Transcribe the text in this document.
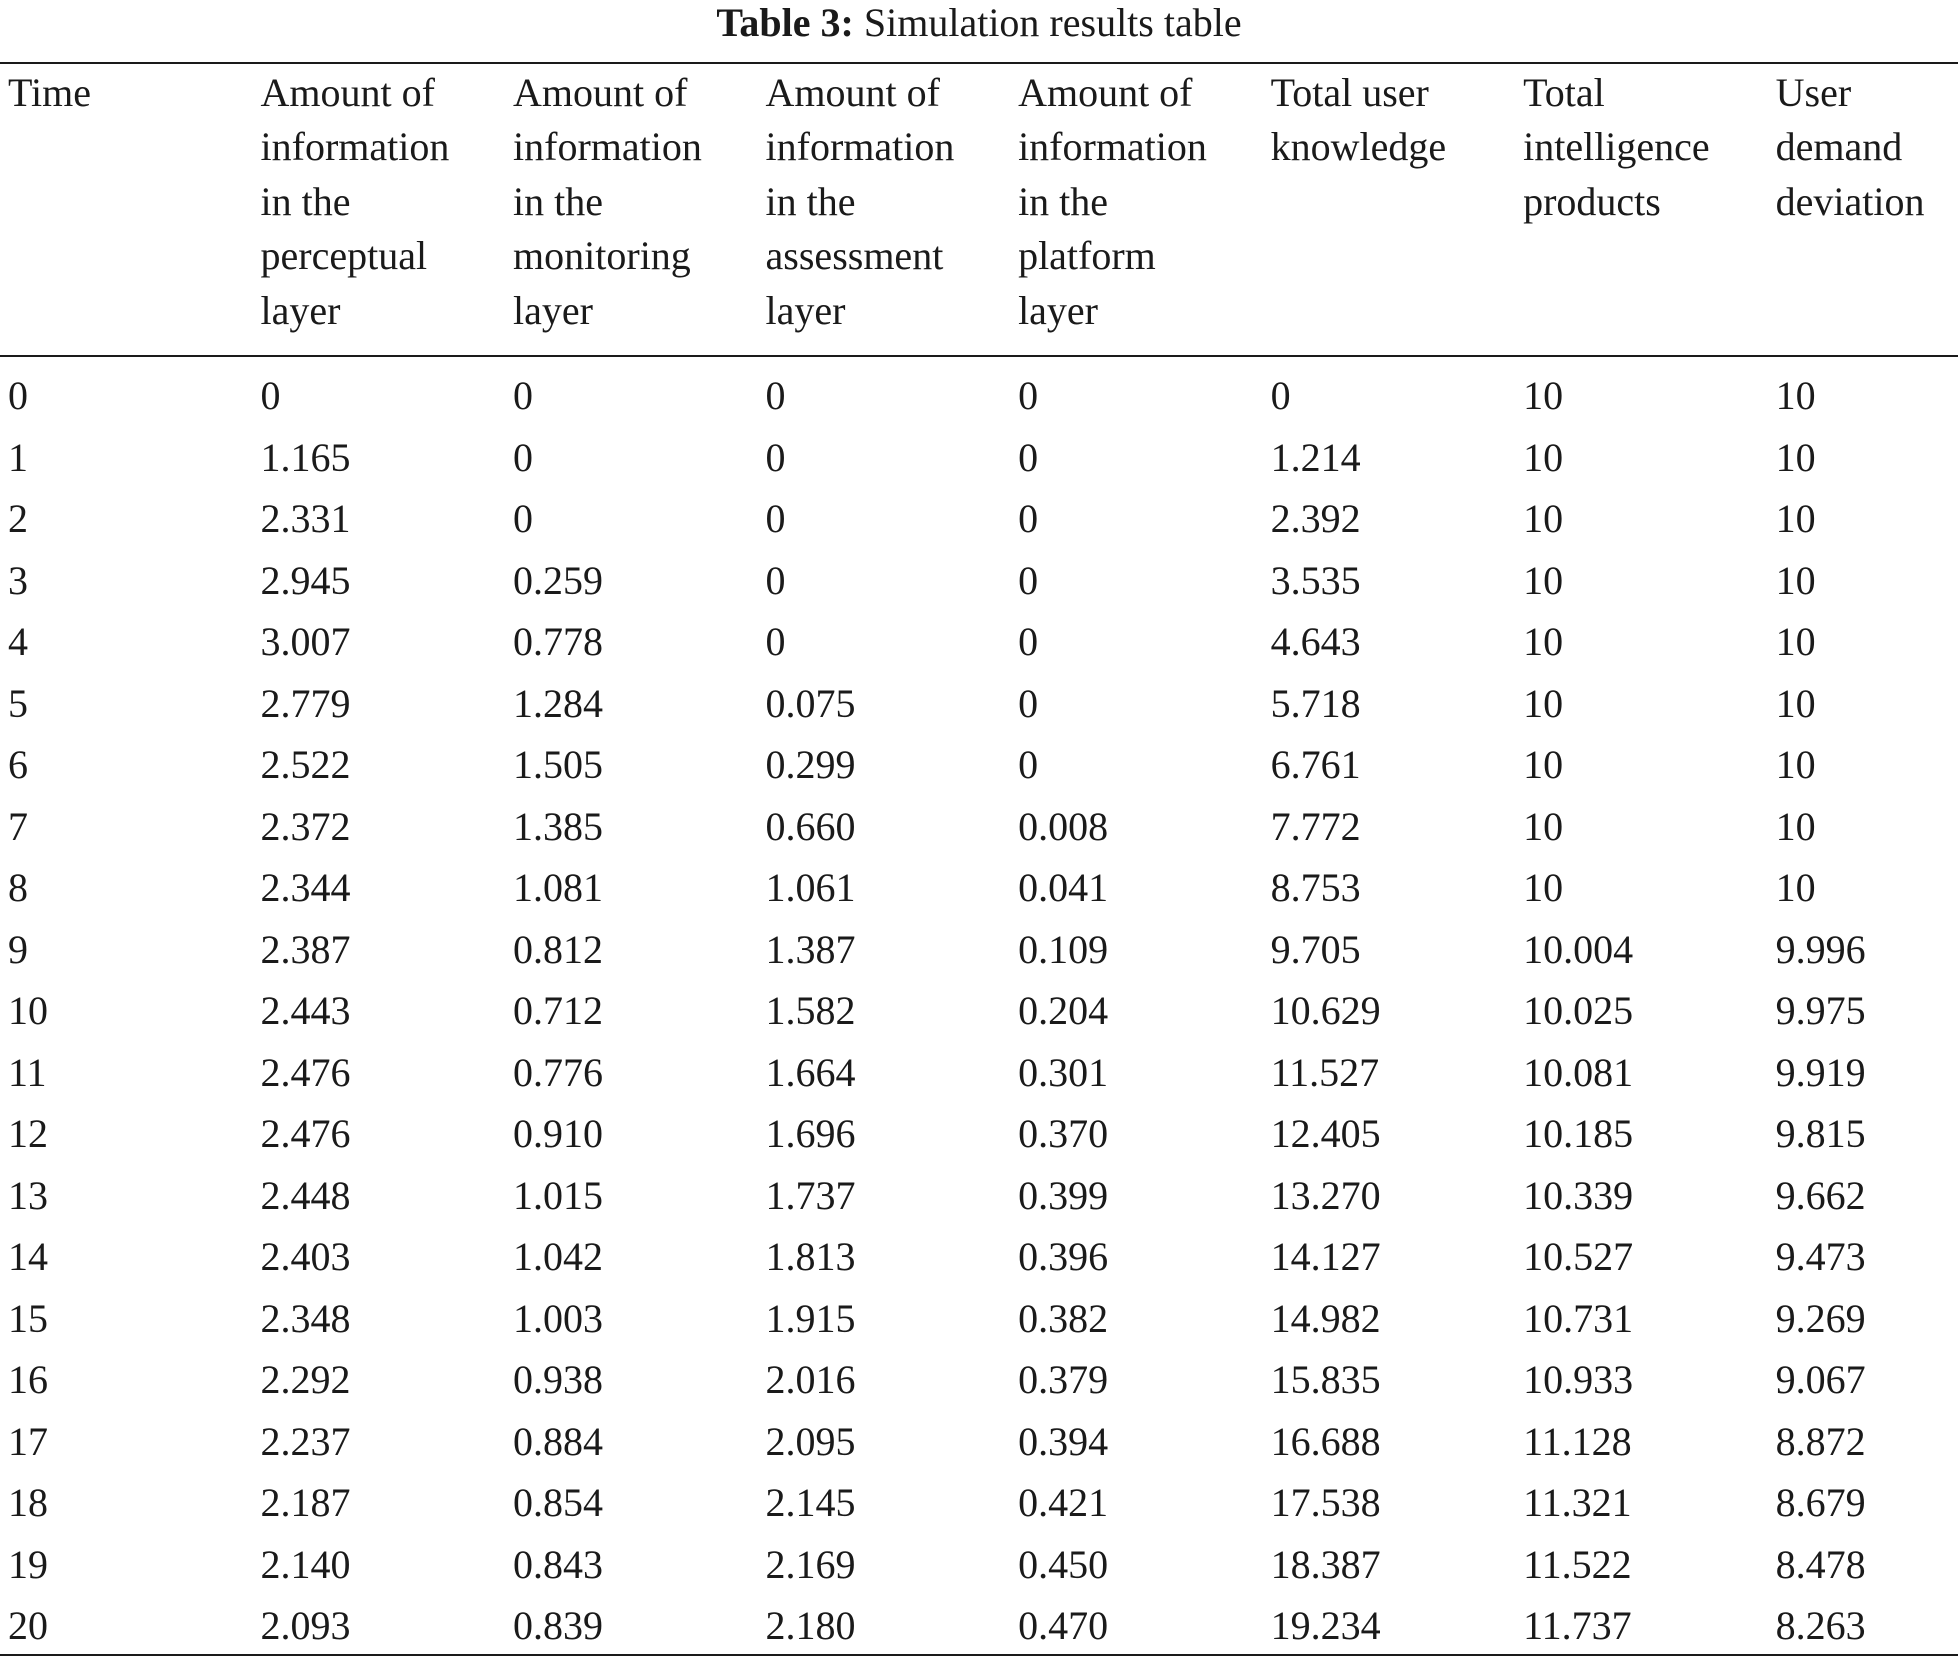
Table 3: Simulation results table
Time	Amount of
information
in the
perceptual
layer	Amount of
information
in the
monitoring
layer	Amount of
information
in the
assessment
layer	Amount of
information
in the
platform
layer	Total user
knowledge	Total
intelligence
products	User
demand
deviation
0	0	0	0	0	0	10	10
1	1.165	0	0	0	1.214	10	10
2	2.331	0	0	0	2.392	10	10
3	2.945	0.259	0	0	3.535	10	10
4	3.007	0.778	0	0	4.643	10	10
5	2.779	1.284	0.075	0	5.718	10	10
6	2.522	1.505	0.299	0	6.761	10	10
7	2.372	1.385	0.660	0.008	7.772	10	10
8	2.344	1.081	1.061	0.041	8.753	10	10
9	2.387	0.812	1.387	0.109	9.705	10.004	9.996
10	2.443	0.712	1.582	0.204	10.629	10.025	9.975
11	2.476	0.776	1.664	0.301	11.527	10.081	9.919
12	2.476	0.910	1.696	0.370	12.405	10.185	9.815
13	2.448	1.015	1.737	0.399	13.270	10.339	9.662
14	2.403	1.042	1.813	0.396	14.127	10.527	9.473
15	2.348	1.003	1.915	0.382	14.982	10.731	9.269
16	2.292	0.938	2.016	0.379	15.835	10.933	9.067
17	2.237	0.884	2.095	0.394	16.688	11.128	8.872
18	2.187	0.854	2.145	0.421	17.538	11.321	8.679
19	2.140	0.843	2.169	0.450	18.387	11.522	8.478
20	2.093	0.839	2.180	0.470	19.234	11.737	8.263
